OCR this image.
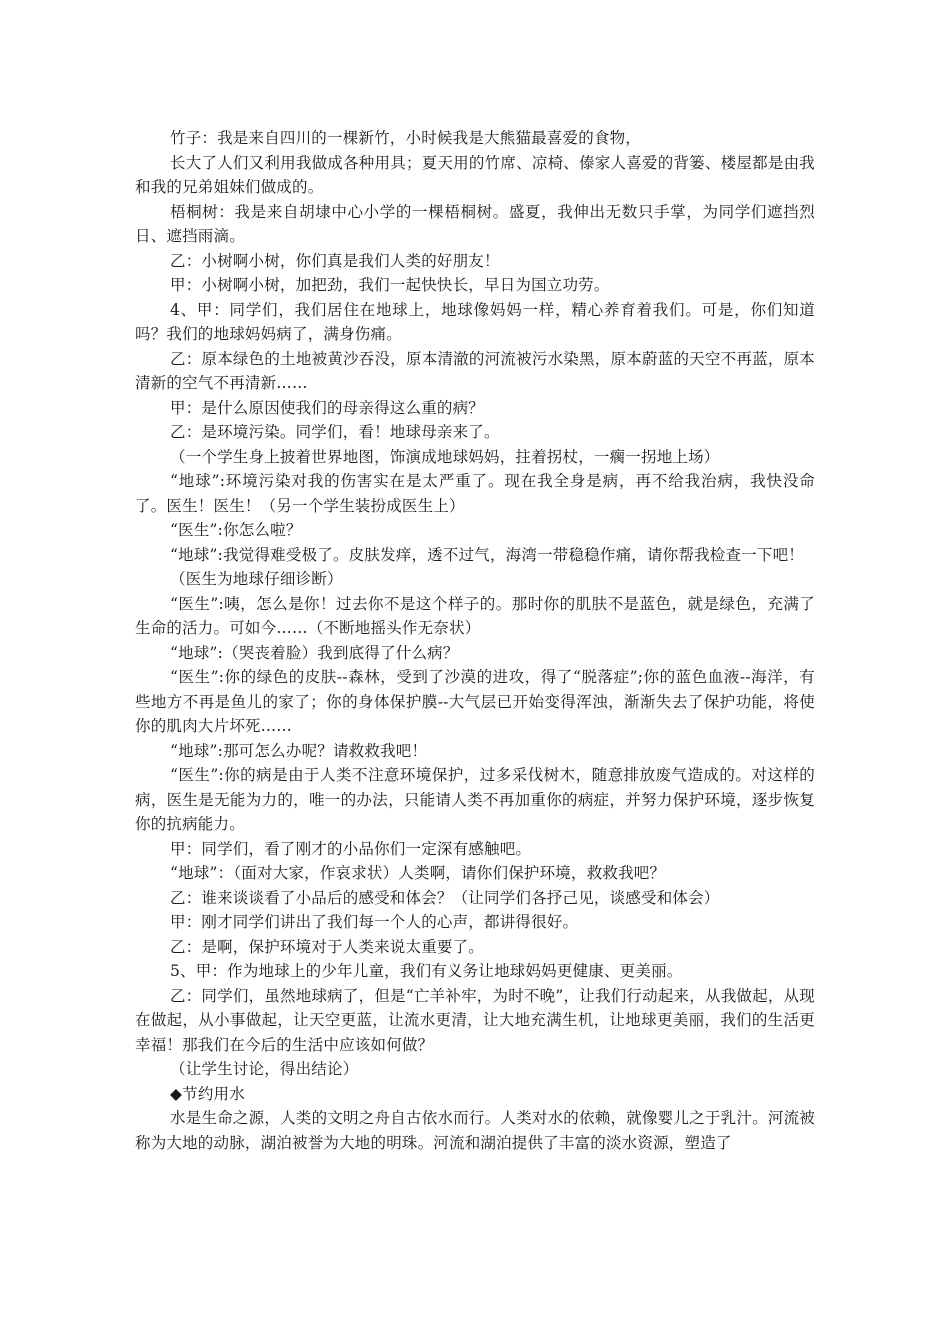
竹子：我是来自四川的一棵新竹，小时候我是大熊猫最喜爱的食物，

长大了人们又利用我做成各种用具；夏天用的竹席、凉椅、傣家人喜爱的背篓、楼屋都是由我和我的兄弟姐妹们做成的。

梧桐树：我是来自胡埭中心小学的一棵梧桐树。盛夏，我伸出无数只手掌，为同学们遮挡烈日、遮挡雨滴。

乙：小树啊小树，你们真是我们人类的好朋友！

甲：小树啊小树，加把劲，我们一起快快长，早日为国立功劳。

4、甲：同学们，我们居住在地球上，地球像妈妈一样，精心养育着我们。可是，你们知道吗？我们的地球妈妈病了，满身伤痛。

乙：原本绿色的土地被黄沙吞没，原本清澈的河流被污水染黑，原本蔚蓝的天空不再蓝，原本清新的空气不再清新……

甲：是什么原因使我们的母亲得这么重的病？

乙：是环境污染。同学们，看！地球母亲来了。

（一个学生身上披着世界地图，饰演成地球妈妈，拄着拐杖，一瘸一拐地上场）

“地球”:环境污染对我的伤害实在是太严重了。现在我全身是病，再不给我治病，我快没命了。医生！医生！（另一个学生装扮成医生上）

“医生”:你怎么啦？

“地球”:我觉得难受极了。皮肤发痒，透不过气，海湾一带稳稳作痛，请你帮我检查一下吧！

（医生为地球仔细诊断）

“医生”:咦，怎么是你！过去你不是这个样子的。那时你的肌肤不是蓝色，就是绿色，充满了生命的活力。可如今……（不断地摇头作无奈状）

“地球”:（哭丧着脸）我到底得了什么病？

“医生”:你的绿色的皮肤--森林，受到了沙漠的进攻，得了“脱落症”;你的蓝色血液--海洋，有些地方不再是鱼儿的家了；你的身体保护膜--大气层已开始变得浑浊，渐渐失去了保护功能，将使你的肌肉大片坏死……

“地球”:那可怎么办呢？请救救我吧！

“医生”:你的病是由于人类不注意环境保护，过多采伐树木，随意排放废气造成的。对这样的病，医生是无能为力的，唯一的办法，只能请人类不再加重你的病症，并努力保护环境，逐步恢复你的抗病能力。

甲：同学们，看了刚才的小品你们一定深有感触吧。

“地球”：（面对大家，作哀求状）人类啊，请你们保护环境，救救我吧？

乙：谁来谈谈看了小品后的感受和体会？（让同学们各抒己见，谈感受和体会）

甲：刚才同学们讲出了我们每一个人的心声，都讲得很好。

乙：是啊，保护环境对于人类来说太重要了。

5、甲：作为地球上的少年儿童，我们有义务让地球妈妈更健康、更美丽。

乙：同学们，虽然地球病了，但是“亡羊补牢，为时不晚”，让我们行动起来，从我做起，从现在做起，从小事做起，让天空更蓝，让流水更清，让大地充满生机，让地球更美丽，我们的生活更幸福！那我们在今后的生活中应该如何做？

（让学生讨论，得出结论）

◆节约用水

水是生命之源，人类的文明之舟自古依水而行。人类对水的依赖，就像婴儿之于乳汁。河流被称为大地的动脉，湖泊被誉为大地的明珠。河流和湖泊提供了丰富的淡水资源，塑造了
